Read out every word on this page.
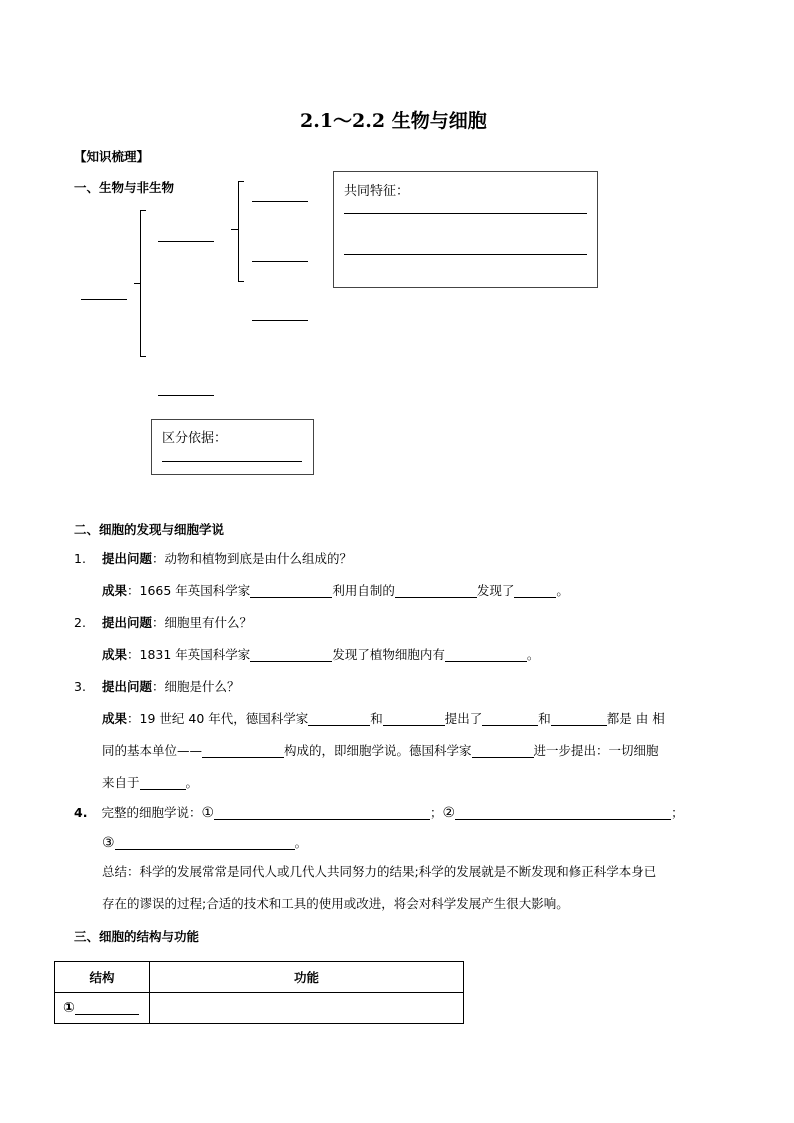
2.1～2.2 生物与细胞
【知识梳理】
一、生物与非生物	共同特征：
区分依据：
二、细胞的发现与细胞学说
1. 提出问题：动物和植物到底是由什么组成的？
成果：1665 年英国科学家	利用自制的	发现了	。
2. 提出问题：细胞里有什么？
成果：1831 年英国科学家	发现了植物细胞内有	。
3. 提出问题：细胞是什么？
成果：19 世纪 40 年代，德国科学家	和	提出了	和	都是 由 相
同的基本单位——	构成的，即细胞学说。德国科学家	进一步提出：一切细胞
来自于	。
4. 完整的细胞学说：①	；②	；
③	。
总结：科学的发展常常是同代人或几代人共同努力的结果;科学的发展就是不断发现和修正科学本身已
存在的谬误的过程;合适的技术和工具的使用或改进，将会对科学发展产生很大影响。
三、细胞的结构与功能
结构	功能
①	
